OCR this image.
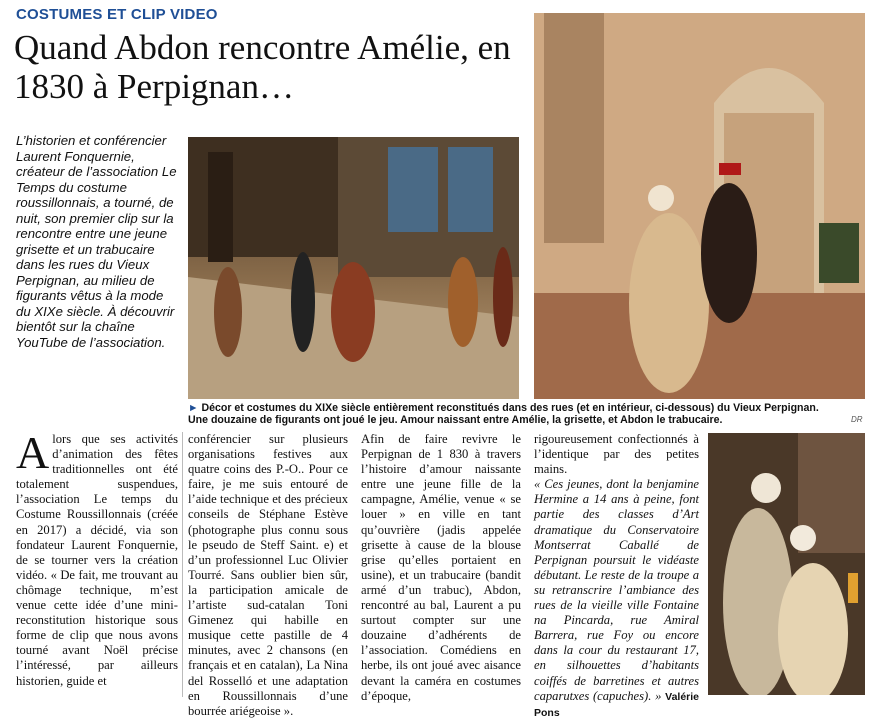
COSTUMES ET CLIP VIDEO
Quand Abdon rencontre Amélie, en 1830 à Perpignan…
L’historien et conférencier Laurent Fonquernie, créateur de l’association Le Temps du costume roussillonnais, a tourné, de nuit, son premier clip sur la rencontre entre une jeune grisette et un trabucaire dans les rues du Vieux Perpignan, au milieu de figurants vêtus à la mode du XIXe siècle. À découvrir bientôt sur la chaîne YouTube de l’association.
► Décor et costumes du XIXe siècle entièrement reconstitués dans des rues (et en intérieur, ci-dessous) du Vieux Perpignan. Une douzaine de figurants ont joué le jeu. Amour naissant entre Amélie, la grisette, et Abdon le trabucaire.	DR
Alors que ses activités d’animation des fêtes traditionnelles ont été totalement suspendues, l’association Le temps du Costume Roussillonnais (créée en 2017) a décidé, via son fondateur Laurent Fonquernie, de se tourner vers la création vidéo. « De fait, me trouvant au chômage technique, m’est venue cette idée d’une mini-reconstitution historique sous forme de clip que nous avons tourné avant Noël précise l’intéressé, par ailleurs historien, guide et
conférencier sur plusieurs organisations festives aux quatre coins des P.-O.. Pour ce faire, je me suis entouré de l’aide technique et des précieux conseils de Stéphane Estève (photographe plus connu sous le pseudo de Steff Saint. e) et d’un professionnel Luc Olivier Tourré. Sans oublier bien sûr, la participation amicale de l’artiste sud-catalan Toni Gimenez qui habille en musique cette pastille de 4 minutes, avec 2 chansons (en français et en catalan), La Nina del Rosselló et une adaptation en Roussillonnais d’une bourrée ariégeoise ».
Afin de faire revivre le Perpignan de 1 830 à travers l’histoire d’amour naissante entre une jeune fille de la campagne, Amélie, venue « se louer » en ville en tant qu’ouvrière (jadis appelée grisette à cause de la blouse grise qu’elles portaient en usine), et un trabucaire (bandit armé d’un trabuc), Abdon, rencontré au bal, Laurent a pu surtout compter sur une douzaine d’adhérents de l’association. Comédiens en herbe, ils ont joué avec aisance devant la caméra en costumes d’époque,
rigoureusement confectionnés à l’identique par des petites mains.
« Ces jeunes, dont la benjamine Hermine a 14 ans à peine, font partie des classes d’Art dramatique du Conservatoire Montserrat Caballé de Perpignan poursuit le vidéaste débutant. Le reste de la troupe a su retranscrire l’ambiance des rues de la vieille ville Fontaine na Pincarda, rue Amiral Barrera, rue Foy ou encore dans la cour du restaurant 17, en silhouettes d’habitants coiffés de barretines et autres caparutxes (capuches). » Valérie Pons
